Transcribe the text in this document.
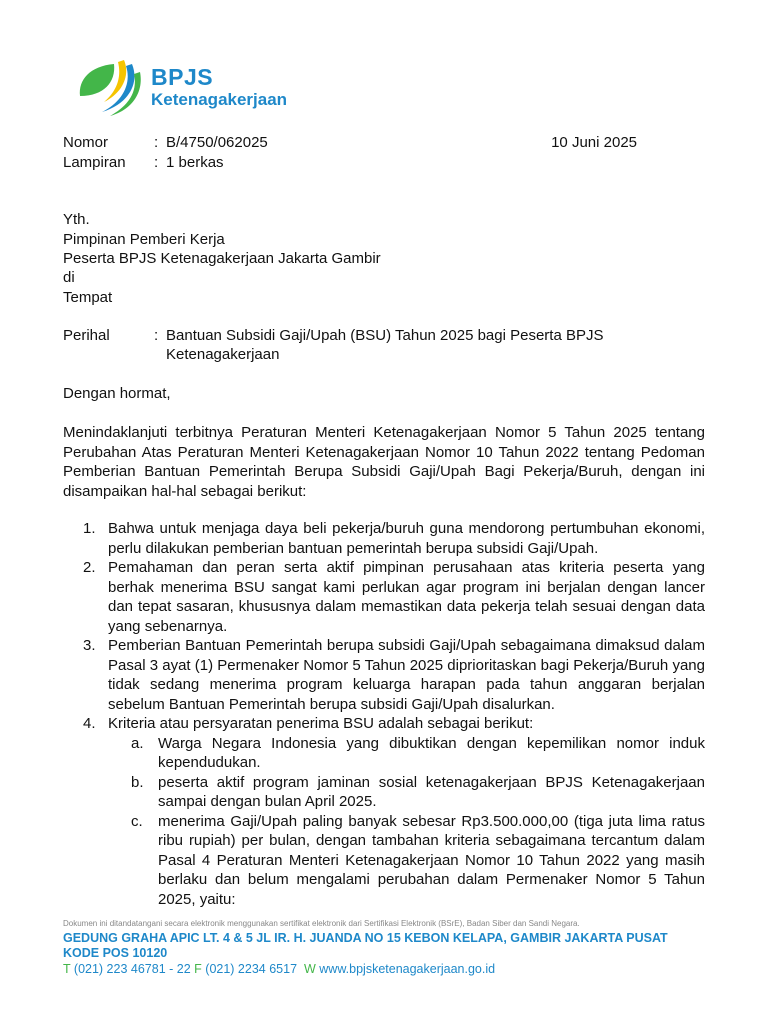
BPJS
Ketenagakerjaan
Nomor	: B/4750/062025	10 Juni 2025
Lampiran : 1 berkas
Yth.
Pimpinan Pemberi Kerja
Peserta BPJS Ketenagakerjaan Jakarta Gambir
di
Tempat
Perihal	: Bantuan Subsidi Gaji/Upah (BSU) Tahun 2025 bagi Peserta BPJS
Ketenagakerjaan
Dengan hormat,
Menindaklanjuti terbitnya Peraturan Menteri Ketenagakerjaan Nomor 5 Tahun 2025 tentang Perubahan Atas Peraturan Menteri Ketenagakerjaan Nomor 10 Tahun 2022 tentang Pedoman Pemberian Bantuan Pemerintah Berupa Subsidi Gaji/Upah Bagi Pekerja/Buruh, dengan ini disampaikan hal-hal sebagai berikut:
1. Bahwa untuk menjaga daya beli pekerja/buruh guna mendorong pertumbuhan ekonomi, perlu dilakukan pemberian bantuan pemerintah berupa subsidi Gaji/Upah.
2. Pemahaman dan peran serta aktif pimpinan perusahaan atas kriteria peserta yang berhak menerima BSU sangat kami perlukan agar program ini berjalan dengan lancer dan tepat sasaran, khususnya dalam memastikan data pekerja telah sesuai dengan data yang sebenarnya.
3. Pemberian Bantuan Pemerintah berupa subsidi Gaji/Upah sebagaimana dimaksud dalam Pasal 3 ayat (1) Permenaker Nomor 5 Tahun 2025 diprioritaskan bagi Pekerja/Buruh yang tidak sedang menerima program keluarga harapan pada tahun anggaran berjalan sebelum Bantuan Pemerintah berupa subsidi Gaji/Upah disalurkan.
4. Kriteria atau persyaratan penerima BSU adalah sebagai berikut:
a. Warga Negara Indonesia yang dibuktikan dengan kepemilikan nomor induk kependudukan.
b. peserta aktif program jaminan sosial ketenagakerjaan BPJS Ketenagakerjaan sampai dengan bulan April 2025.
c. menerima Gaji/Upah paling banyak sebesar Rp3.500.000,00 (tiga juta lima ratus ribu rupiah) per bulan, dengan tambahan kriteria sebagaimana tercantum dalam Pasal 4 Peraturan Menteri Ketenagakerjaan Nomor 10 Tahun 2022 yang masih berlaku dan belum mengalami perubahan dalam Permenaker Nomor 5 Tahun 2025, yaitu:
Dokumen ini ditandatangani secara elektronik menggunakan sertifikat elektronik dari Sertifikasi Elektronik (BSrE), Badan Siber dan Sandi Negara.
GEDUNG GRAHA APIC LT. 4 & 5 JL IR. H. JUANDA NO 15 KEBON KELAPA, GAMBIR JAKARTA PUSAT
KODE POS 10120
T (021) 223 46781 - 22 F (021) 2234 6517 W www.bpjsketenagakerjaan.go.id
